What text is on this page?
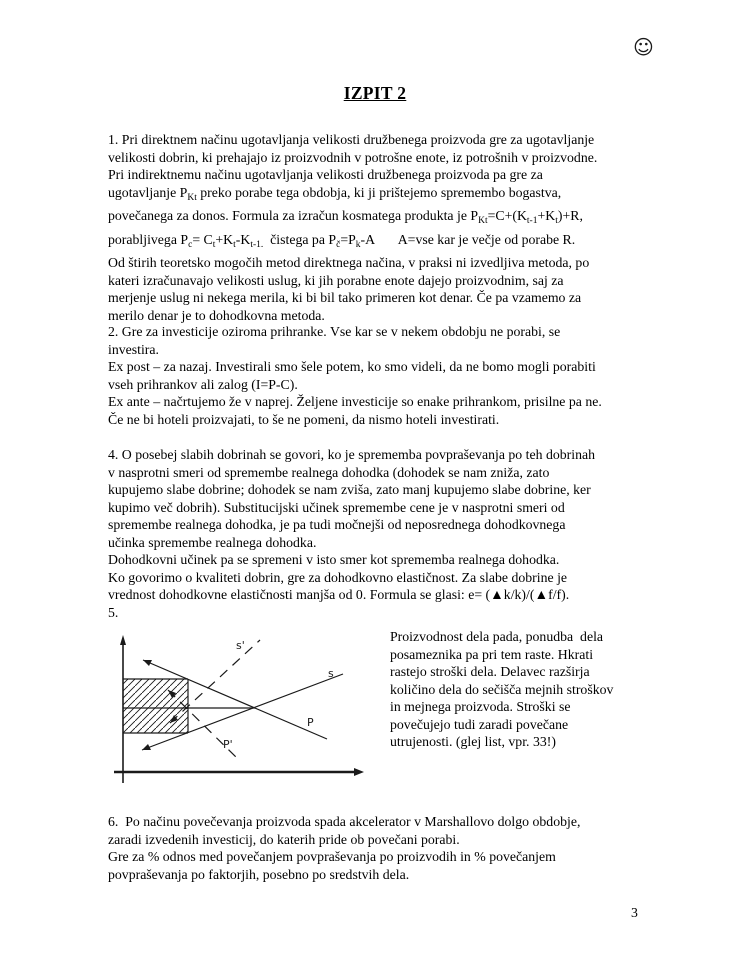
☺
IZPIT 2
1. Pri direktnem načinu ugotavljanja velikosti družbenega proizvoda gre za ugotavljanje
velikosti dobrin, ki prehajajo iz proizvodnih v potrošne enote, iz potrošnih v proizvodne.
Pri indirektnemu načinu ugotavljanja velikosti družbenega proizvoda pa gre za
ugotavljanje $P_{Kt}$ preko porabe tega obdobja, ki ji prištejemo spremembo bogastva,
povečanega za donos. Formula za izračun kosmatega produkta je $P_{Kt}=C+(K_{t-1}+K_t)+R$,
porabljivega $P_c= C_t+K_t-K_{t-1.}$  čistega pa $P_č=P_k-A$       A=vse kar je večje od porabe R.
Od štirih teoretsko mogočih metod direktnega načina, v praksi ni izvedljiva metoda, po
kateri izračunavajo velikosti uslug, ki jih porabne enote dajejo proizvodnim, saj za
merjenje uslug ni nekega merila, ki bi bil tako primeren kot denar. Če pa vzamemo za
merilo denar je to dohodkovna metoda.
2. Gre za investicije oziroma prihranke. Vse kar se v nekem obdobju ne porabi, se
investira.
Ex post – za nazaj. Investirali smo šele potem, ko smo videli, da ne bomo mogli porabiti
vseh prihrankov ali zalog (I=P-C).
Ex ante – načrtujemo že v naprej. Željene investicije so enake prihrankom, prisilne pa ne.
Če ne bi hoteli proizvajati, to še ne pomeni, da nismo hoteli investirati.
4. O posebej slabih dobrinah se govori, ko je sprememba povpraševanja po teh dobrinah
v nasprotni smeri od spremembe realnega dohodka (dohodek se nam zniža, zato
kupujemo slabe dobrine; dohodek se nam zviša, zato manj kupujemo slabe dobrine, ker
kupimo več dobrih). Substitucijski učinek spremembe cene je v nasprotni smeri od
spremembe realnega dohodka, je pa tudi močnejši od neposrednega dohodkovnega
učinka spremembe realnega dohodka.
Dohodkovni učinek pa se spremeni v isto smer kot sprememba realnega dohodka.
Ko govorimo o kvaliteti dobrin, gre za dohodkovno elastičnost. Za slabe dobrine je
vrednost dohodkovne elastičnosti manjša od 0. Formula se glasi: e= (▲k/k)/(▲f/f).
5.
s'
s
P
P'
Proizvodnost dela pada, ponudba  dela
posameznika pa pri tem raste. Hkrati
rastejo stroški dela. Delavec razširja
količino dela do sečišča mejnih stroškov
in mejnega proizvoda. Stroški se
povečujejo tudi zaradi povečane
utrujenosti. (glej list, vpr. 33!)
6.  Po načinu povečevanja proizvoda spada akcelerator v Marshallovo dolgo obdobje,
zaradi izvedenih investicij, do katerih pride ob povečani porabi.
Gre za % odnos med povečanjem povpraševanja po proizvodih in % povečanjem
povpraševanja po faktorjih, posebno po sredstvih dela.
3
